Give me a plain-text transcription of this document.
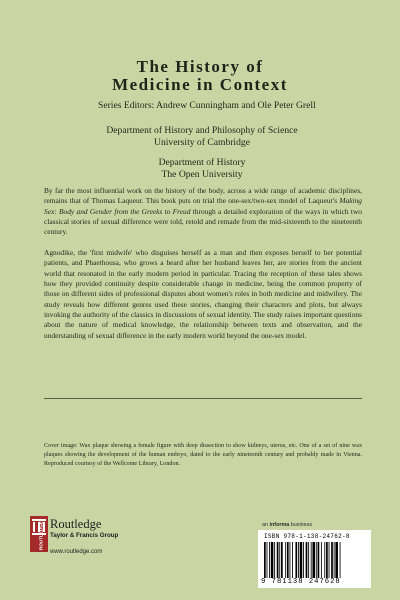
The History of
Medicine in Context
Series Editors: Andrew Cunningham and Ole Peter Grell
Department of History and Philosophy of Science
University of Cambridge
Department of History
The Open University
By far the most influential work on the history of the body, across a wide range of academic disciplines, remains that of Thomas Laqueur. This book puts on trial the one-sex/two-sex model of Laqueur's Making Sex: Body and Gender from the Greeks to Freud through a detailed exploration of the ways in which two classical stories of sexual difference were told, retold and remade from the mid-sixteenth to the nineteenth century.
Agnodike, the 'first midwife' who disguises herself as a man and then exposes herself to her potential patients, and Phaethousa, who grows a beard after her husband leaves her, are stories from the ancient world that resonated in the early modern period in particular. Tracing the reception of these tales shows how they provided continuity despite considerable change in medicine, being the common property of those on different sides of professional disputes about women's roles in both medicine and midwifery. The study reveals how different genres used these stories, changing their characters and plots, but always invoking the authority of the classics in discussions of sexual identity. The study raises important questions about the nature of medical knowledge, the relationship between texts and observation, and the understanding of sexual difference in the early modern world beyond the one-sex model.
Cover image: Wax plaque showing a female figure with deep dissection to show kidneys, uterus, etc. One of a set of nine wax plaques showing the development of the human embryo, dated to the early nineteenth century and probably made in Vienna. Reproduced courtesy of the Wellcome Library, London.
an informa business
ROUTLEDGE Routledge
Taylor & Francis Group
www.routledge.com
ISBN 978-1-138-24762-8
9 781138 247628
